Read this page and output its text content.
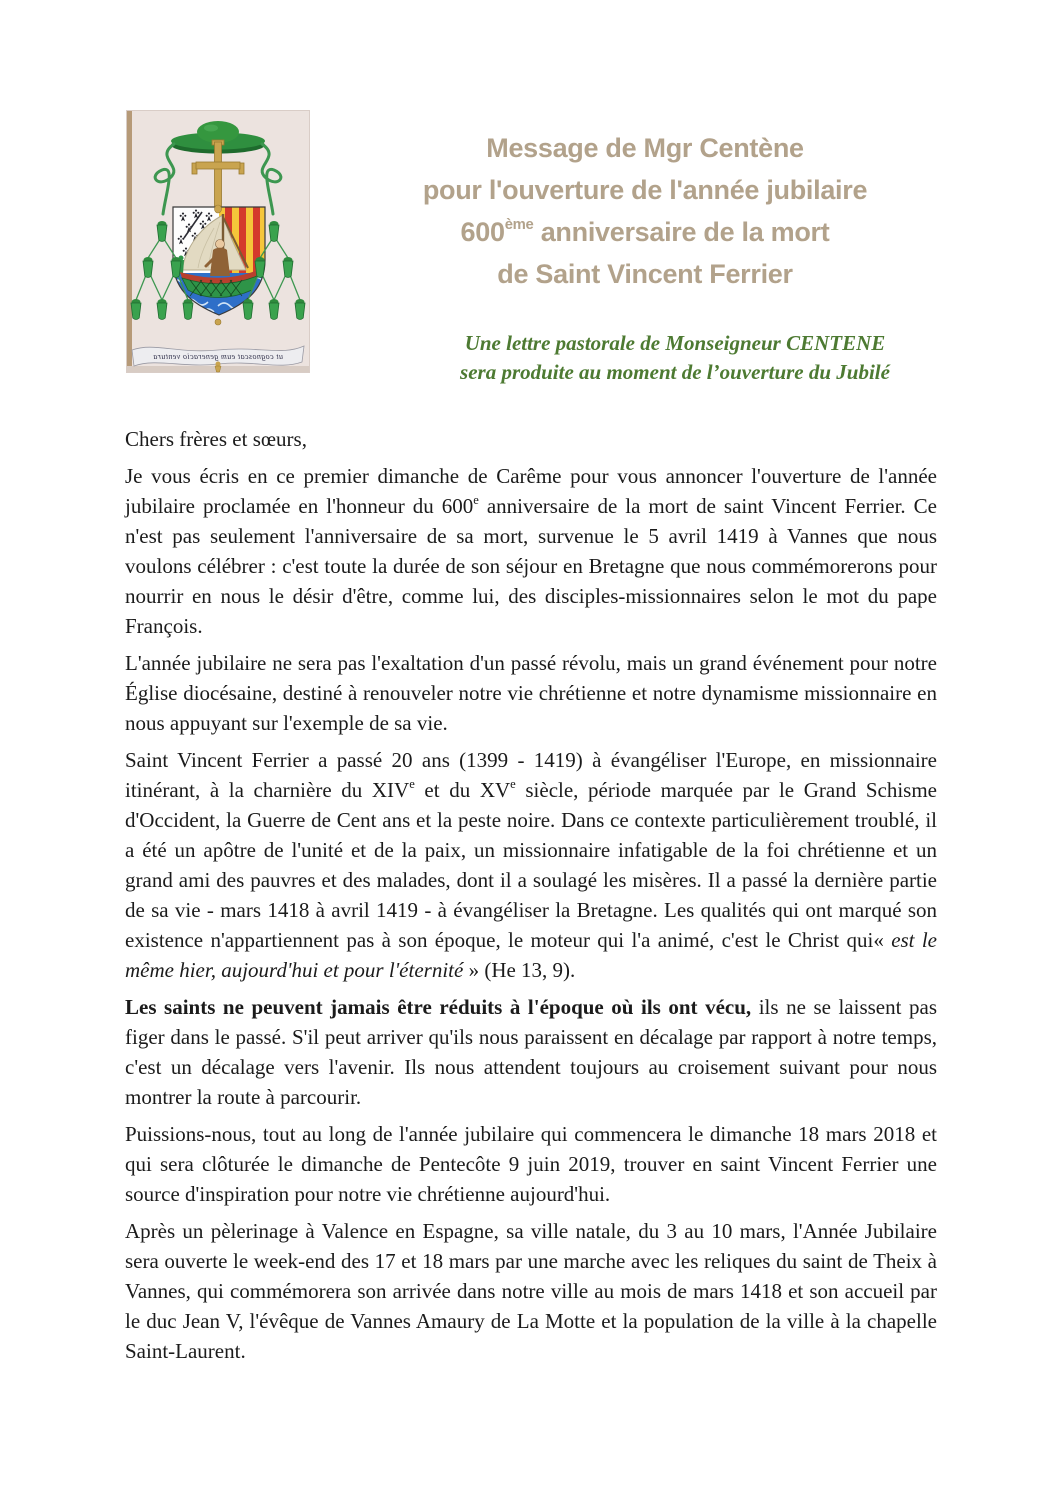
ut cognoscat eum generacio ventura
Message de Mgr Centène
pour l'ouverture de l'année jubilaire
600ème anniversaire de la mort
de Saint Vincent Ferrier
Une lettre pastorale de Monseigneur CENTENE
sera produite au moment de l’ouverture du Jubilé

Chers frères et sœurs,

Je vous écris en ce premier dimanche de Carême pour vous annoncer l'ouverture de l'année jubilaire proclamée en l'honneur du 600e anniversaire de la mort de saint Vincent Ferrier. Ce n'est pas seulement l'anniversaire de sa mort, survenue le 5 avril 1419 à Vannes que nous voulons célébrer : c'est toute la durée de son séjour en Bretagne que nous commémorerons pour nourrir en nous le désir d'être, comme lui, des disciples-missionnaires selon le mot du pape François.

L'année jubilaire ne sera pas l'exaltation d'un passé révolu, mais un grand événement pour notre Église diocésaine, destiné à renouveler notre vie chrétienne et notre dynamisme missionnaire en nous appuyant sur l'exemple de sa vie.

Saint Vincent Ferrier a passé 20 ans (1399 - 1419) à évangéliser l'Europe, en missionnaire itinérant, à la charnière du XIVe et du XVe siècle, période marquée par le Grand Schisme d'Occident, la Guerre de Cent ans et la peste noire. Dans ce contexte particulièrement troublé, il a été un apôtre de l'unité et de la paix, un missionnaire infatigable de la foi chrétienne et un grand ami des pauvres et des malades, dont il a soulagé les misères. Il a passé la dernière partie de sa vie - mars 1418 à avril 1419 - à évangéliser la Bretagne. Les qualités qui ont marqué son existence n'appartiennent pas à son époque, le moteur qui l'a animé, c'est le Christ qui« est le même hier, aujourd'hui et pour l'éternité » (He 13, 9).

Les saints ne peuvent jamais être réduits à l'époque où ils ont vécu, ils ne se laissent pas figer dans le passé. S'il peut arriver qu'ils nous paraissent en décalage par rapport à notre temps, c'est un décalage vers l'avenir. Ils nous attendent toujours au croisement suivant pour nous montrer la route à parcourir.

Puissions-nous, tout au long de l'année jubilaire qui commencera le dimanche 18 mars 2018 et qui sera clôturée le dimanche de Pentecôte 9 juin 2019, trouver en saint Vincent Ferrier une source d'inspiration pour notre vie chrétienne aujourd'hui.

Après un pèlerinage à Valence en Espagne, sa ville natale, du 3 au 10 mars, l'Année Jubilaire sera ouverte le week-end des 17 et 18 mars par une marche avec les reliques du saint de Theix à Vannes, qui commémorera son arrivée dans notre ville au mois de mars 1418 et son accueil par le duc Jean V, l'évêque de Vannes Amaury de La Motte et la population de la ville à la chapelle Saint-Laurent.
